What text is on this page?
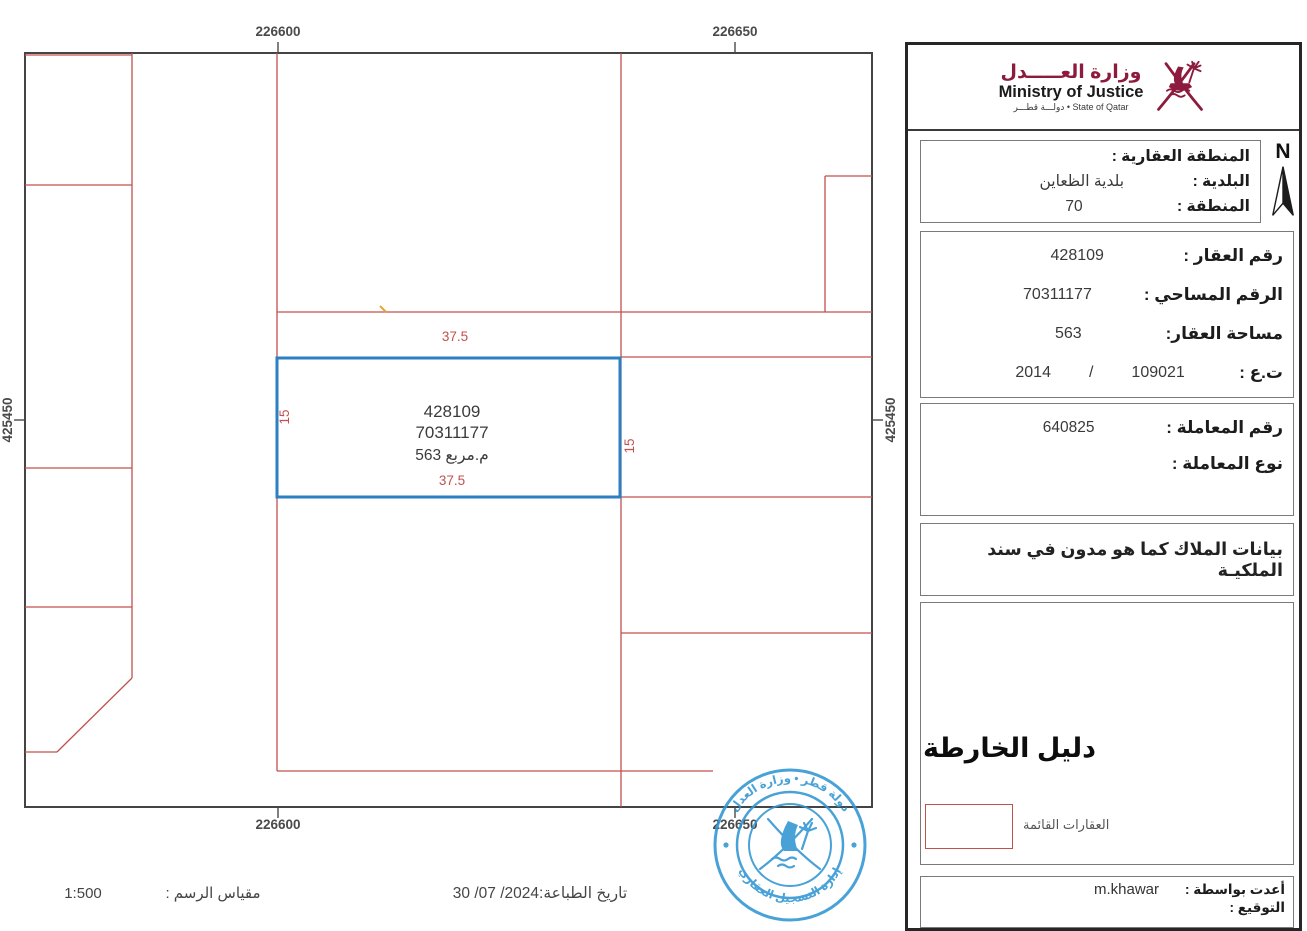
226600	226650
226600	226650
425450	425450
428109
70311177
م.مربع 563
37.5
37.5
15
15
تاريخ الطباعة:2024/ 07/ 30
مقياس الرسم :
1:500
دولة قطر • وزارة العدل
إدارة التسجيل العقاري
وزارة العـــــدل
Ministry of Justice
State of Qatar • دولـــة قطـــر
المنطقة العقارية :
البلدية :
بلدية الظعاين
المنطقة :
70
N
رقم العقار :
428109
الرقم المساحي :
70311177
مساحة العقار:
563
ت.ع :
109021
/
2014
رقم المعاملة :
640825
نوع المعاملة :
بيانات الملاك كما هو مدون في سند الملكيـة
دليل الخارطة
العقارات القائمة
أعدت بواسطة :
m.khawar
التوقيع :
